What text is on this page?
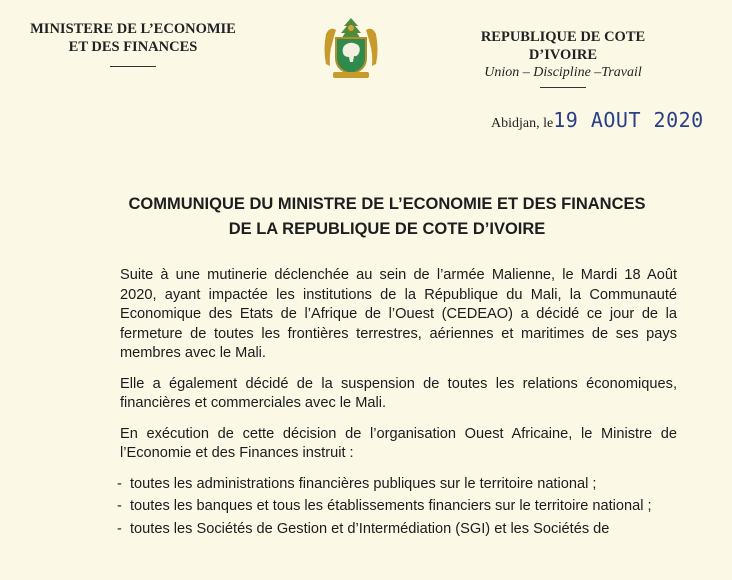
MINISTERE DE L’ECONOMIE
ET DES FINANCES
REPUBLIQUE DE COTE D’IVOIRE
Union – Discipline –Travail
Abidjan, le19 AOUT 2020
COMMUNIQUE DU MINISTRE DE L’ECONOMIE ET DES FINANCES
DE LA REPUBLIQUE DE COTE D’IVOIRE

Suite à une mutinerie déclenchée au sein de l’armée Malienne, le Mardi 18 Août 2020, ayant impactée les institutions de la République du Mali, la Communauté Economique des Etats de l’Afrique de l’Ouest (CEDEAO) a décidé ce jour de la fermeture de toutes les frontières terrestres, aériennes et maritimes de ses pays membres avec le Mali.

Elle a également décidé de la suspension de toutes les relations économiques, financières et commerciales avec le Mali.

En exécution de cette décision de l’organisation Ouest Africaine, le Ministre de l’Economie et des Finances instruit :

- toutes les administrations financières publiques sur le territoire national ;
- toutes les banques et tous les établissements financiers sur le territoire national ;
- toutes les Sociétés de Gestion et d’Intermédiation (SGI) et les Sociétés de
